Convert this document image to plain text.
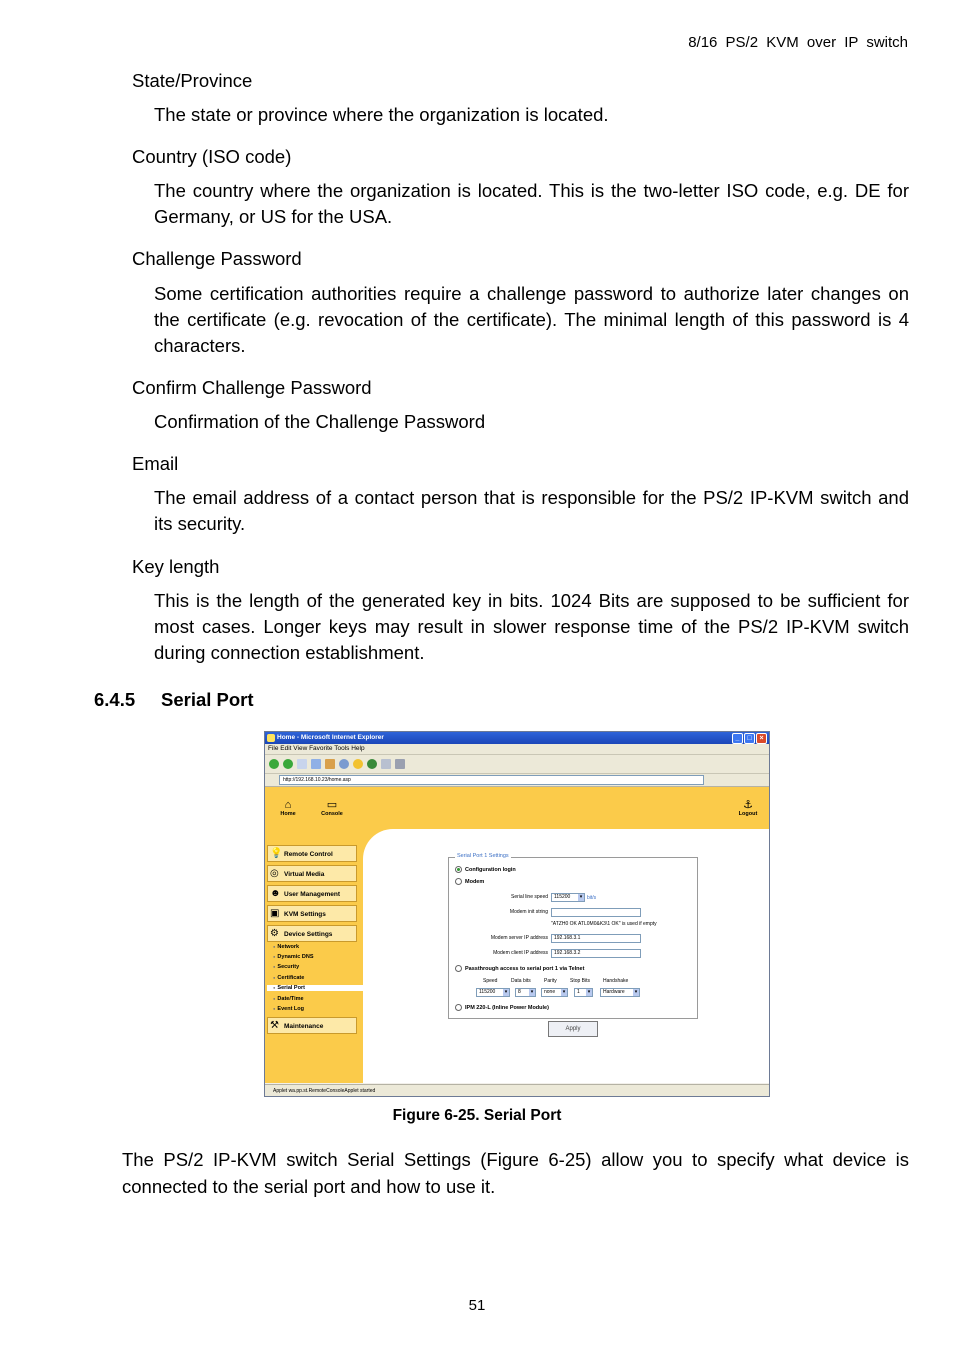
8/16 PS/2 KVM over IP switch
State/Province
The state or province where the organization is located.
Country (ISO code)
The country where the organization is located. This is the two-letter ISO code, e.g. DE for Germany, or US for the USA.
Challenge Password
Some certification authorities require a challenge password to authorize later changes on the certificate (e.g. revocation of the certificate). The minimal length of this password is 4 characters.
Confirm Challenge Password
Confirmation of the Challenge Password
Email
The email address of a contact person that is responsible for the PS/2 IP-KVM switch and its security.
Key length
This is the length of the generated key in bits. 1024 Bits are supposed to be sufficient for most cases. Longer keys may result in slower response time of the PS/2 IP-KVM switch during connection establishment.
6.4.5 Serial Port
Home - Microsoft Internet Explorer	_	□	×
File Edit View Favorite Tools Help
http://192.168.10.23/home.asp
⌂
Home
▭
Console
⚓
Logout
💡 Remote Control
◎ Virtual Media
☻ User Management
▣ KVM Settings
⚙ Device Settings
● Network
● Dynamic DNS
● Security
● Certificate
● Serial Port
● Date/Time
● Event Log
⚒ Maintenance
Serial Port 1 Settings
Configuration login
Modem
Serial line speed	115200 ▾	bit/s
Modem init string
"ATZH0 OK ATL0M0&K3\1 OK" is used if empty
Modem server IP address	192.168.3.1
Modem client IP address	192.168.3.2
Passthrough access to serial port 1 via Telnet
Speed	Data bits	Parity	Stop Bits	Handshake
115200 ▾	8 ▾	none ▾	1 ▾	Hardware ▾
IPM 220-L (Inline Power Module)
Apply
Applet wa.pp.st.RemoteConsoleApplet started
Figure 6-25. Serial Port
The PS/2 IP-KVM switch Serial Settings (Figure 6-25) allow you to specify what device is connected to the serial port and how to use it.
51
